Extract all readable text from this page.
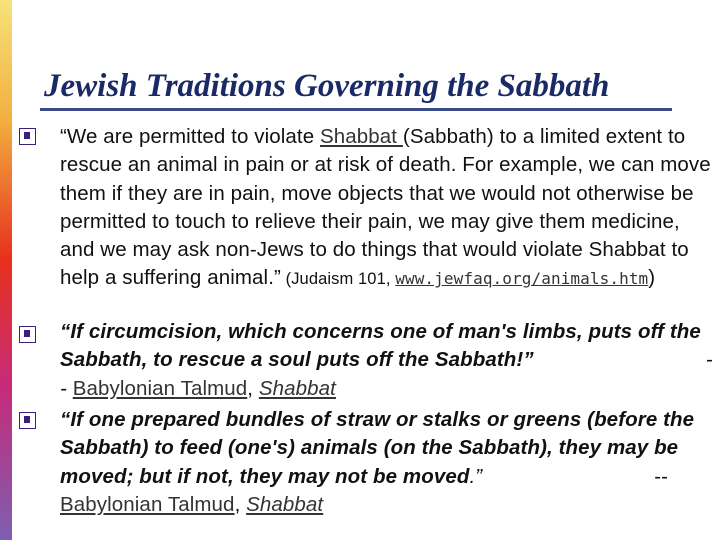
Jewish Traditions Governing the Sabbath

“We are permitted to violate Shabbat (Sabbath) to a limited extent to rescue an animal in pain or at risk of death. For example, we can move them if they are in pain, move objects that we would not otherwise be permitted to touch to relieve their pain, we may give them medicine, and we may ask non-Jews to do things that would violate Shabbat to help a suffering animal.” (Judaism 101, www.jewfaq.org/animals.htm)

“If circumcision, which concerns one of man's limbs, puts off the Sabbath, to rescue a soul puts off the Sabbath!”	-- Babylonian Talmud, Shabbat

“If one prepared bundles of straw or stalks or greens (before the Sabbath) to feed (one's) animals (on the Sabbath), they may be moved; but if not, they may not be moved.”	-- Babylonian Talmud, Shabbat
